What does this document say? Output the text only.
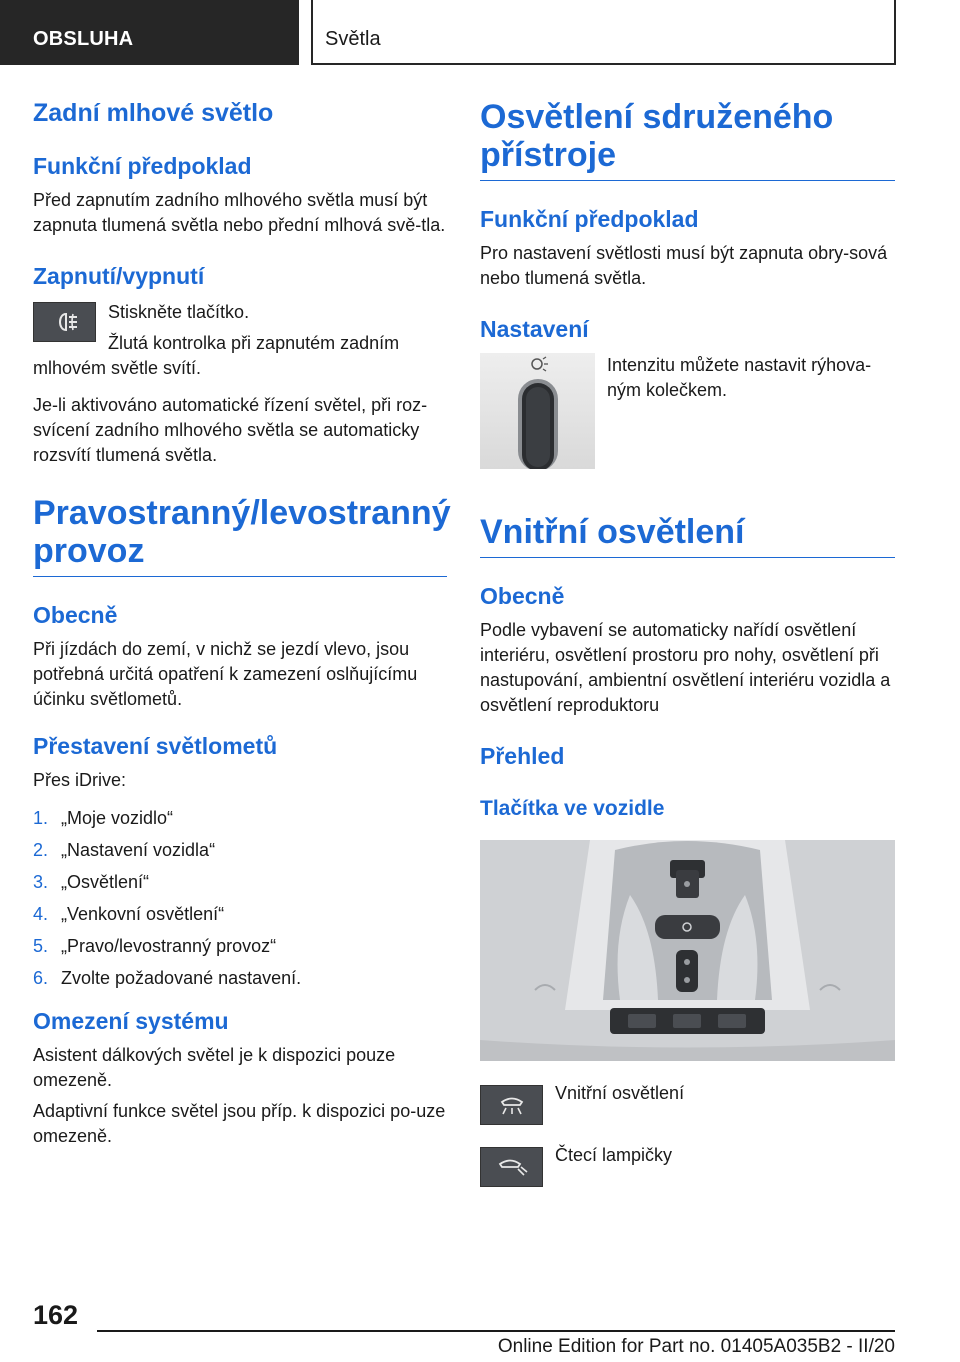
OBSLUHA	Světla
Zadní mlhové světlo
Funkční předpoklad

Před zapnutím zadního mlhového světla musí být zapnuta tlumená světla nebo přední mlhová svě-tla.

Zapnutí/vypnutí

Stiskněte tlačítko.

Žlutá kontrolka při zapnutém zadním mlhovém světle svítí.

Je-li aktivováno automatické řízení světel, při roz-svícení zadního mlhového světla se automaticky rozsvítí tlumená světla.

Pravostranný/levostranný provoz
Obecně

Při jízdách do zemí, v nichž se jezdí vlevo, jsou potřebná určitá opatření k zamezení oslňujícímu účinku světlometů.

Přestavení světlometů

Přes iDrive:

1. „Moje vozidlo“
2. „Nastavení vozidla“
3. „Osvětlení“
4. „Venkovní osvětlení“
5. „Pravo/levostranný provoz“
6. Zvolte požadované nastavení.
Omezení systému

Asistent dálkových světel je k dispozici pouze omezeně.

Adaptivní funkce světel jsou příp. k dispozici po-uze omezeně.

Osvětlení sdruženého přístroje
Funkční předpoklad

Pro nastavení světlosti musí být zapnuta obry-sová nebo tlumená světla.

Nastavení

Intenzitu můžete nastavit rýhova-ným kolečkem.

Vnitřní osvětlení
Obecně

Podle vybavení se automaticky nařídí osvětlení interiéru, osvětlení prostoru pro nohy, osvětlení při nastupování, ambientní osvětlení interiéru vozidla a osvětlení reproduktoru

Přehled
Tlačítka ve vozidle

Vnitřní osvětlení

Čtecí lampičky

162
Online Edition for Part no. 01405A035B2 - II/20
